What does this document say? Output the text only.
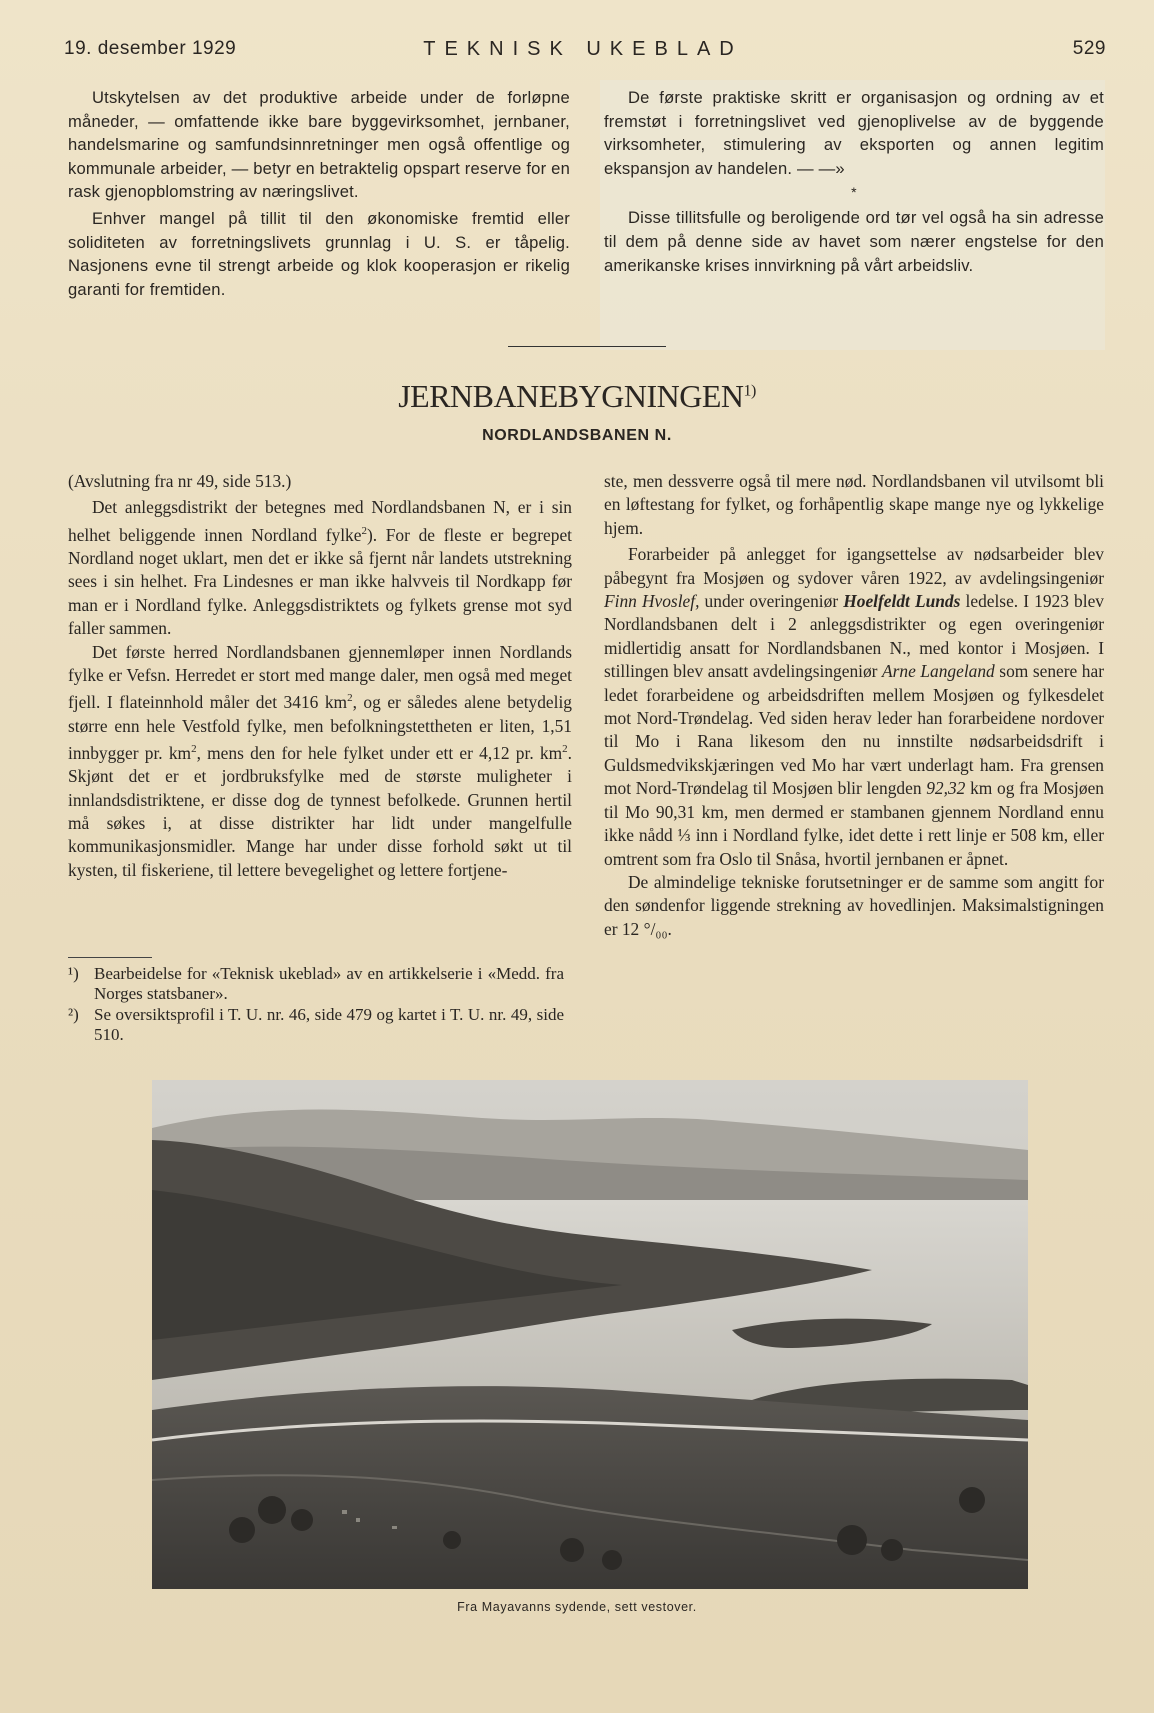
19. desember 1929	TEKNISK UKEBLAD	529

Utskytelsen av det produktive arbeide under de forløpne måneder, — omfattende ikke bare byggevirksomhet, jernbaner, handelsmarine og samfundsinnretninger men også offentlige og kommunale arbeider, — betyr en betraktelig opspart reserve for en rask gjenopblomstring av næringslivet.

Enhver mangel på tillit til den økonomiske fremtid eller soliditeten av forretningslivets grunnlag i U. S. er tåpelig. Nasjonens evne til strengt arbeide og klok kooperasjon er rikelig garanti for fremtiden.

De første praktiske skritt er organisasjon og ordning av et fremstøt i forretningslivet ved gjenoplivelse av de byggende virksomheter, stimulering av eksporten og annen legitim ekspansjon av handelen. — —»

*

Disse tillitsfulle og beroligende ord tør vel også ha sin adresse til dem på denne side av havet som nærer engstelse for den amerikanske krises innvirkning på vårt arbeidsliv.

JERNBANEBYGNINGEN$^{1)}$
NORDLANDSBANEN N.

(Avslutning fra nr 49, side 513.)

Det anleggsdistrikt der betegnes med Nordlandsbanen N, er i sin helhet beliggende innen Nordland fylke$^2$). For de fleste er begrepet Nordland noget uklart, men det er ikke så fjernt når landets utstrekning sees i sin helhet. Fra Lindesnes er man ikke halvveis til Nordkapp før man er i Nordland fylke. Anleggsdistriktets og fylkets grense mot syd faller sammen.

Det første herred Nordlandsbanen gjennemløper innen Nordlands fylke er Vefsn. Herredet er stort med mange daler, men også med meget fjell. I flateinnhold måler det 3416 $km^2$, og er således alene betydelig større enn hele Vestfold fylke, men befolkningstettheten er liten, 1,51 innbygger pr. $km^2$, mens den for hele fylket under ett er 4,12 pr. $km^2$. Skjønt det er et jordbruksfylke med de største muligheter i innlandsdistriktene, er disse dog de tynnest befolkede. Grunnen hertil må søkes i, at disse distrikter har lidt under mangelfulle kommunikasjonsmidler. Mange har under disse forhold søkt ut til kysten, til fiskeriene, til lettere bevegelighet og lettere fortjene-

¹) Bearbeidelse for «Teknisk ukeblad» av en artikkelserie i «Medd. fra Norges statsbaner».
²) Se oversiktsprofil i T. U. nr. 46, side 479 og kartet i T. U. nr. 49, side 510.

ste, men dessverre også til mere nød. Nordlandsbanen vil utvilsomt bli en løftestang for fylket, og forhåpentlig skape mange nye og lykkelige hjem.

Forarbeider på anlegget for igangsettelse av nødsarbeider blev påbegynt fra Mosjøen og sydover våren 1922, av avdelingsingeniør Finn Hvoslef, under overingeniør Hoelfeldt Lunds ledelse. I 1923 blev Nordlandsbanen delt i 2 anleggsdistrikter og egen overingeniør midlertidig ansatt for Nordlandsbanen N., med kontor i Mosjøen. I stillingen blev ansatt avdelingsingeniør Arne Langeland som senere har ledet forarbeidene og arbeidsdriften mellem Mosjøen og fylkesdelet mot Nord-Trøndelag. Ved siden herav leder han forarbeidene nordover til Mo i Rana likesom den nu innstilte nødsarbeidsdrift i Guldsmedvikskjæringen ved Mo har vært underlagt ham. Fra grensen mot Nord-Trøndelag til Mosjøen blir lengden 92,32 km og fra Mosjøen til Mo 90,31 km, men dermed er stambanen gjennem Nordland ennu ikke nådd ⅓ inn i Nordland fylke, idet dette i rett linje er 508 km, eller omtrent som fra Oslo til Snåsa, hvortil jernbanen er åpnet.

De almindelige tekniske forutsetninger er de samme som angitt for den søndenfor liggende strekning av hovedlinjen. Maksimalstigningen er 12 °/₀₀.

Fra Mayavanns sydende, sett vestover.
